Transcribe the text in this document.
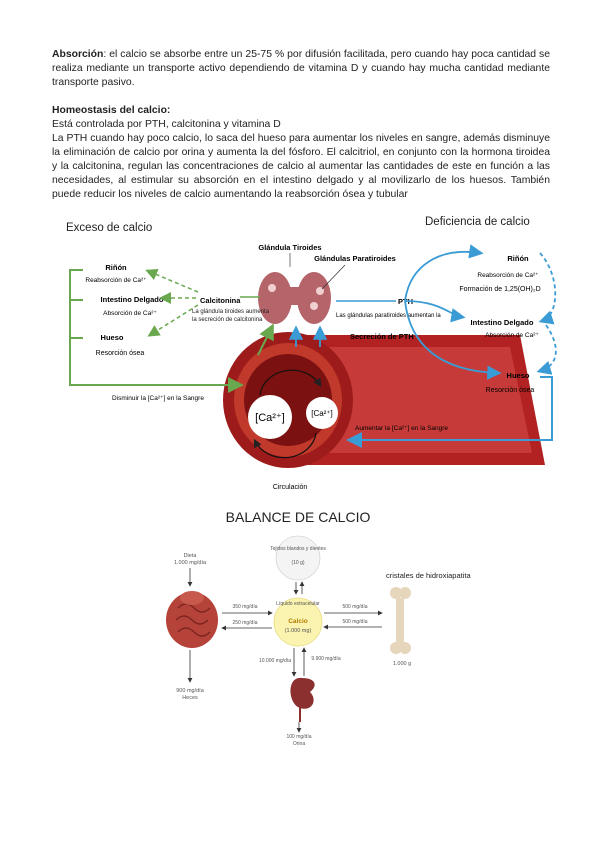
Absorción: el calcio se absorbe entre un 25-75 % por difusión facilitada, pero cuando hay poca cantidad se realiza mediante un transporte activo dependiendo de vitamina D y cuando hay mucha cantidad mediante transporte pasivo.
Homeostasis del calcio:
Está controlada por PTH, calcitonina y vitamina D
La PTH cuando hay poco calcio, lo saca del hueso para aumentar los niveles en sangre, además disminuye la eliminación de calcio por orina y aumenta la del fósforo. El calcitriol, en conjunto con la hormona tiroidea y la calcitonina, regulan las concentraciones de calcio al aumentar las cantidades de este en función a las necesidades, al estimular su absorción en el intestino delgado y al movilizarlo de los huesos. También puede reducir los niveles de calcio aumentando la reabsorción ósea y tubular
[Ca²⁺]	[Ca²⁺]
Glándula Tiroides
Glándulas Paratiroides
Exceso de calcio	Deficiencia de calcio
Riñón
Reabsorción de Ca²⁺
Intestino Delgado
Absorción de Ca²⁺
Hueso
Resorción ósea
Calcitonina
La glándula tiroides aumenta la secreción de calcitonina
Disminuir la [Ca²⁺] en la Sangre
PTH
Las glándulas paratiroides aumentan la
Secreción de PTH
Riñón
Reabsorción de Ca²⁺
Formación de 1,25(OH)₂D
Intestino Delgado
Absorción de Ca²⁺
Hueso
Resorción ósea
Aumentar la [Ca²⁺] en la Sangre
Circulación
BALANCE DE CALCIO
Dieta
1.000 mg/día
900 mg/día
Heces
Tejidos blandos y dientes
(10 g)
cristales de hidroxiapatita
Líquido extracelular
Calcio
(1.000 mg)
350 mg/día
250 mg/día
500 mg/día
500 mg/día
1.000 g
10.000 mg/día	9.900 mg/día
100 mg/día
Orina
